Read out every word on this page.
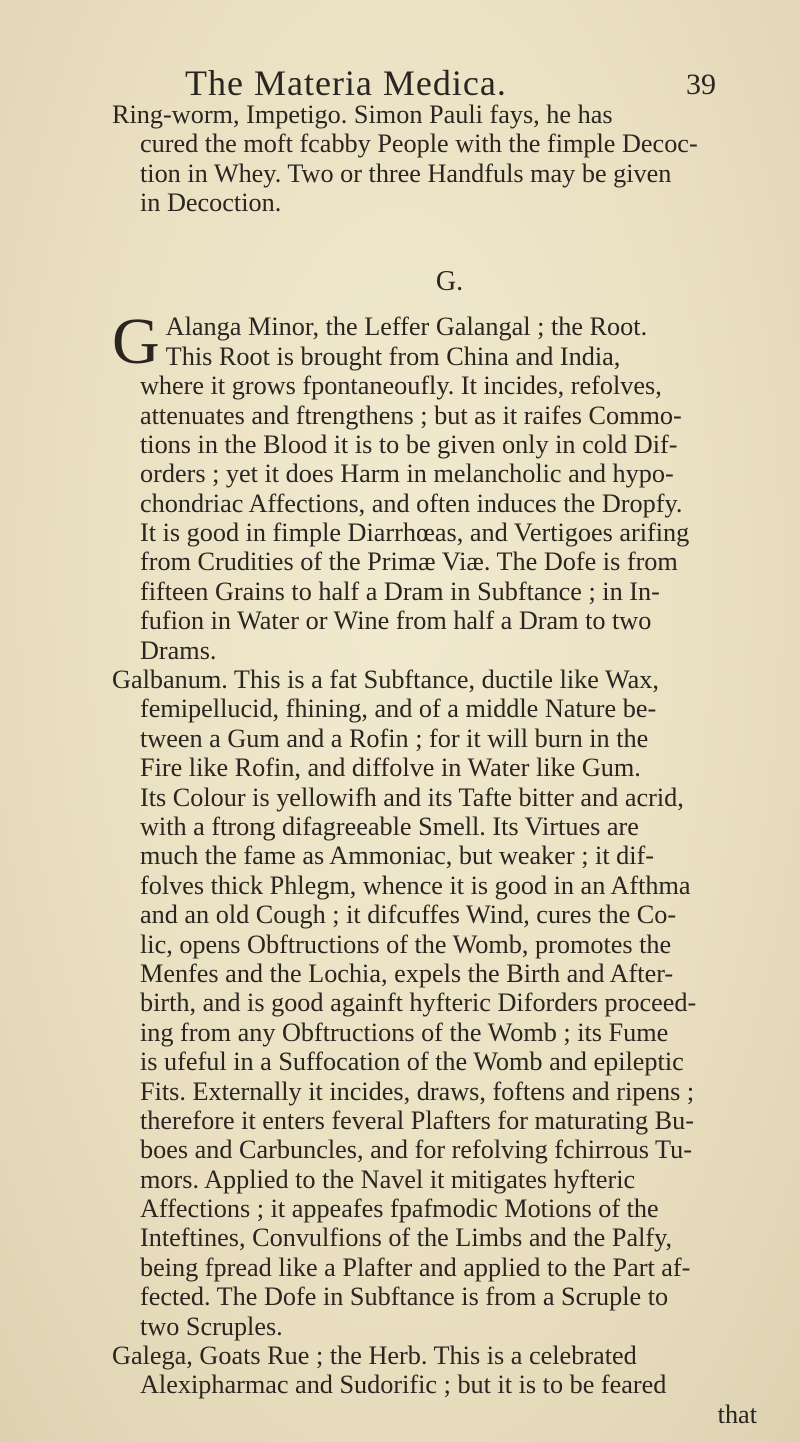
The Materia Medica.	39
Ring-worm, Impetigo. Simon Pauli fays, he has
cured the moft fcabby People with the fimple Decoc-
tion in Whey. Two or three Handfuls may be given
in Decoction.
G.
G Alanga Minor, the Leffer Galangal ; the Root.
This Root is brought from China and India,
where it grows fpontaneoufly. It incides, refolves,
attenuates and ftrengthens ; but as it raifes Commo-
tions in the Blood it is to be given only in cold Dif-
orders ; yet it does Harm in melancholic and hypo-
chondriac Affections, and often induces the Dropfy.
It is good in fimple Diarrhœas, and Vertigoes arifing
from Crudities of the Primæ Viæ. The Dofe is from
fifteen Grains to half a Dram in Subftance ; in In-
fufion in Water or Wine from half a Dram to two
Drams.
Galbanum. This is a fat Subftance, ductile like Wax,
femipellucid, fhining, and of a middle Nature be-
tween a Gum and a Rofin ; for it will burn in the
Fire like Rofin, and diffolve in Water like Gum.
Its Colour is yellowifh and its Tafte bitter and acrid,
with a ftrong difagreeable Smell. Its Virtues are
much the fame as Ammoniac, but weaker ; it dif-
folves thick Phlegm, whence it is good in an Afthma
and an old Cough ; it difcuffes Wind, cures the Co-
lic, opens Obftructions of the Womb, promotes the
Menfes and the Lochia, expels the Birth and After-
birth, and is good againft hyfteric Diforders proceed-
ing from any Obftructions of the Womb ; its Fume
is ufeful in a Suffocation of the Womb and epileptic
Fits. Externally it incides, draws, foftens and ripens ;
therefore it enters feveral Plafters for maturating Bu-
boes and Carbuncles, and for refolving fchirrous Tu-
mors. Applied to the Navel it mitigates hyfteric
Affections ; it appeafes fpafmodic Motions of the
Inteftines, Convulfions of the Limbs and the Palfy,
being fpread like a Plafter and applied to the Part af-
fected. The Dofe in Subftance is from a Scruple to
two Scruples.
Galega, Goats Rue ; the Herb. This is a celebrated
Alexipharmac and Sudorific ; but it is to be feared
that
